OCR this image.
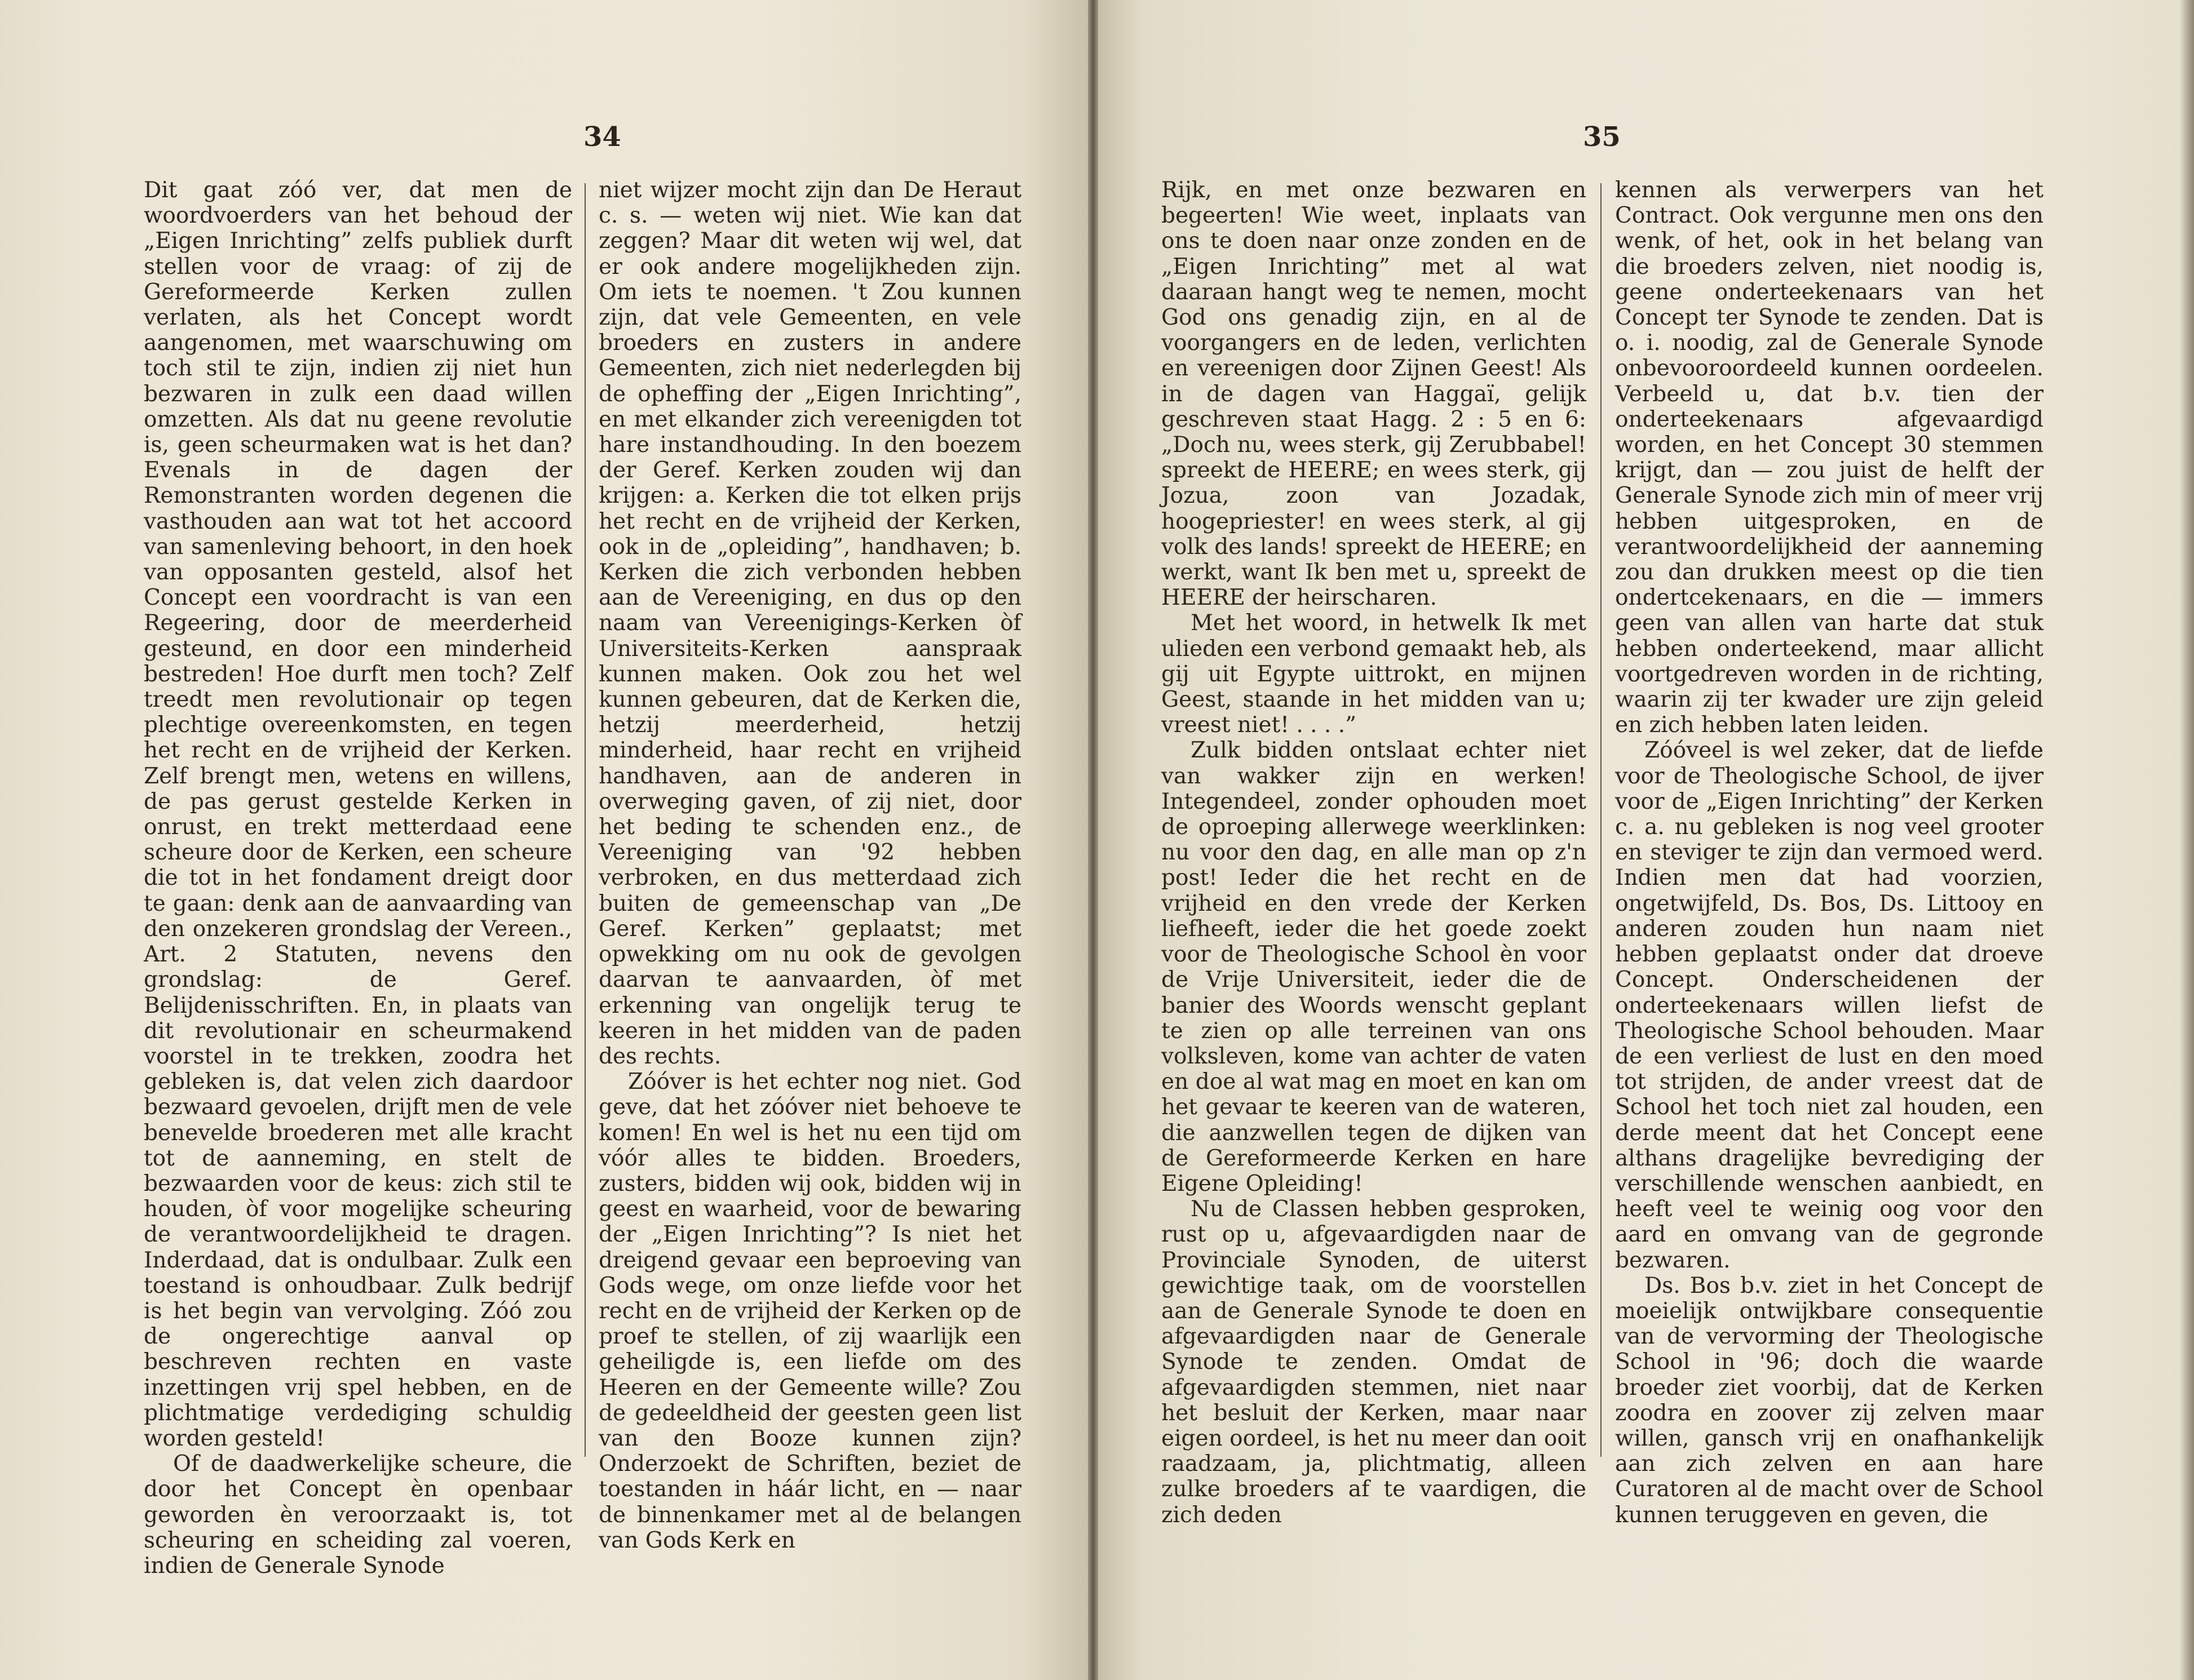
34

Dit gaat zóó ver, dat men de woordvoerders van het behoud der „Eigen Inrichting” zelfs publiek durft stellen voor de vraag: of zij de Gereformeerde Kerken zullen verlaten, als het Concept wordt aangenomen, met waarschuwing om toch stil te zijn, indien zij niet hun bezwaren in zulk een daad willen omzetten. Als dat nu geene revolutie is, geen scheurmaken wat is het dan? Evenals in de dagen der Remonstranten worden degenen die vasthouden aan wat tot het accoord van samenleving behoort, in den hoek van opposanten gesteld, alsof het Concept een voordracht is van een Regeering, door de meerderheid gesteund, en door een minderheid bestreden! Hoe durft men toch? Zelf treedt men revolutionair op tegen plechtige overeenkomsten, en tegen het recht en de vrijheid der Kerken. Zelf brengt men, wetens en willens, de pas gerust gestelde Kerken in onrust, en trekt metterdaad eene scheure door de Kerken, een scheure die tot in het fondament dreigt door te gaan: denk aan de aanvaarding van den onzekeren grondslag der Vereen., Art. 2 Statuten, nevens den grondslag: de Geref. Belijdenisschriften. En, in plaats van dit revolutionair en scheurmakend voorstel in te trekken, zoodra het gebleken is, dat velen zich daardoor bezwaard gevoelen, drijft men de vele benevelde broederen met alle kracht tot de aanneming, en stelt de bezwaarden voor de keus: zich stil te houden, òf voor mogelijke scheuring de verantwoordelijkheid te dragen. Inderdaad, dat is ondulbaar. Zulk een toestand is onhoudbaar. Zulk bedrijf is het begin van vervolging. Zóó zou de ongerechtige aanval op beschreven rechten en vaste inzettingen vrij spel hebben, en de plichtmatige verdediging schuldig worden gesteld!

Of de daadwerkelijke scheure, die door het Concept èn openbaar geworden èn veroorzaakt is, tot scheuring en scheiding zal voeren, indien de Generale Synode

niet wijzer mocht zijn dan De Heraut c. s. — weten wij niet. Wie kan dat zeggen? Maar dit weten wij wel, dat er ook andere mogelijkheden zijn. Om iets te noemen. 't Zou kunnen zijn, dat vele Gemeenten, en vele broeders en zusters in andere Gemeenten, zich niet nederlegden bij de opheffing der „Eigen Inrichting”, en met elkander zich vereenigden tot hare instandhouding. In den boezem der Geref. Kerken zouden wij dan krijgen: a. Kerken die tot elken prijs het recht en de vrijheid der Kerken, ook in de „opleiding”, handhaven; b. Kerken die zich verbonden hebben aan de Vereeniging, en dus op den naam van Vereenigings-Kerken òf Universiteits-Kerken aanspraak kunnen maken. Ook zou het wel kunnen gebeuren, dat de Kerken die, hetzij meerderheid, hetzij minderheid, haar recht en vrijheid handhaven, aan de anderen in overweging gaven, of zij niet, door het beding te schenden enz., de Vereeniging van '92 hebben verbroken, en dus metterdaad zich buiten de gemeenschap van „De Geref. Kerken” geplaatst; met opwekking om nu ook de gevolgen daarvan te aanvaarden, òf met erkenning van ongelijk terug te keeren in het midden van de paden des rechts.

Zóóver is het echter nog niet. God geve, dat het zóóver niet behoeve te komen! En wel is het nu een tijd om vóór alles te bidden. Broeders, zusters, bidden wij ook, bidden wij in geest en waarheid, voor de bewaring der „Eigen Inrichting”? Is niet het dreigend gevaar een beproeving van Gods wege, om onze liefde voor het recht en de vrijheid der Kerken op de proef te stellen, of zij waarlijk een geheiligde is, een liefde om des Heeren en der Gemeente wille? Zou de gedeeldheid der geesten geen list van den Booze kunnen zijn? Onderzoekt de Schriften, beziet de toestanden in háár licht, en — naar de binnenkamer met al de belangen van Gods Kerk en

35

Rijk, en met onze bezwaren en begeerten! Wie weet, inplaats van ons te doen naar onze zonden en de „Eigen Inrichting” met al wat daaraan hangt weg te nemen, mocht God ons genadig zijn, en al de voorgangers en de leden, verlichten en vereenigen door Zijnen Geest! Als in de dagen van Haggaï, gelijk geschreven staat Hagg. 2 : 5 en 6: „Doch nu, wees sterk, gij Zerubbabel! spreekt de HEERE; en wees sterk, gij Jozua, zoon van Jozadak, hoogepriester! en wees sterk, al gij volk des lands! spreekt de HEERE; en werkt, want Ik ben met u, spreekt de HEERE der heirscharen.

Met het woord, in hetwelk Ik met ulieden een verbond gemaakt heb, als gij uit Egypte uittrokt, en mijnen Geest, staande in het midden van u; vreest niet! . . . .”

Zulk bidden ontslaat echter niet van wakker zijn en werken! Integendeel, zonder ophouden moet de oproeping allerwege weerklinken: nu voor den dag, en alle man op z'n post! Ieder die het recht en de vrijheid en den vrede der Kerken liefheeft, ieder die het goede zoekt voor de Theologische School èn voor de Vrije Universiteit, ieder die de banier des Woords wenscht geplant te zien op alle terreinen van ons volksleven, kome van achter de vaten en doe al wat mag en moet en kan om het gevaar te keeren van de wateren, die aanzwellen tegen de dijken van de Gereformeerde Kerken en hare Eigene Opleiding!

Nu de Classen hebben gesproken, rust op u, afgevaardigden naar de Provinciale Synoden, de uiterst gewichtige taak, om de voorstellen aan de Generale Synode te doen en afgevaardigden naar de Generale Synode te zenden. Omdat de afgevaardigden stemmen, niet naar het besluit der Kerken, maar naar eigen oordeel, is het nu meer dan ooit raadzaam, ja, plichtmatig, alleen zulke broeders af te vaardigen, die zich deden

kennen als verwerpers van het Contract. Ook vergunne men ons den wenk, of het, ook in het belang van die broeders zelven, niet noodig is, geene onderteekenaars van het Concept ter Synode te zenden. Dat is o. i. noodig, zal de Generale Synode onbevooroordeeld kunnen oordeelen. Verbeeld u, dat b.v. tien der onderteekenaars afgevaardigd worden, en het Concept 30 stemmen krijgt, dan — zou juist de helft der Generale Synode zich min of meer vrij hebben uitgesproken, en de verantwoordelijkheid der aanneming zou dan drukken meest op die tien ondertcekenaars, en die — immers geen van allen van harte dat stuk hebben onderteekend, maar allicht voortgedreven worden in de richting, waarin zij ter kwader ure zijn geleid en zich hebben laten leiden.

Zóóveel is wel zeker, dat de liefde voor de Theologische School, de ijver voor de „Eigen Inrichting” der Kerken c. a. nu gebleken is nog veel grooter en steviger te zijn dan vermoed werd. Indien men dat had voorzien, ongetwijfeld, Ds. Bos, Ds. Littooy en anderen zouden hun naam niet hebben geplaatst onder dat droeve Concept. Onderscheidenen der onderteekenaars willen liefst de Theologische School behouden. Maar de een verliest de lust en den moed tot strijden, de ander vreest dat de School het toch niet zal houden, een derde meent dat het Concept eene althans dragelijke bevrediging der verschillende wenschen aanbiedt, en heeft veel te weinig oog voor den aard en omvang van de gegronde bezwaren.

Ds. Bos b.v. ziet in het Concept de moeielijk ontwijkbare consequentie van de vervorming der Theologische School in '96; doch die waarde broeder ziet voorbij, dat de Kerken zoodra en zoover zij zelven maar willen, gansch vrij en onafhankelijk aan zich zelven en aan hare Curatoren al de macht over de School kunnen teruggeven en geven, die
